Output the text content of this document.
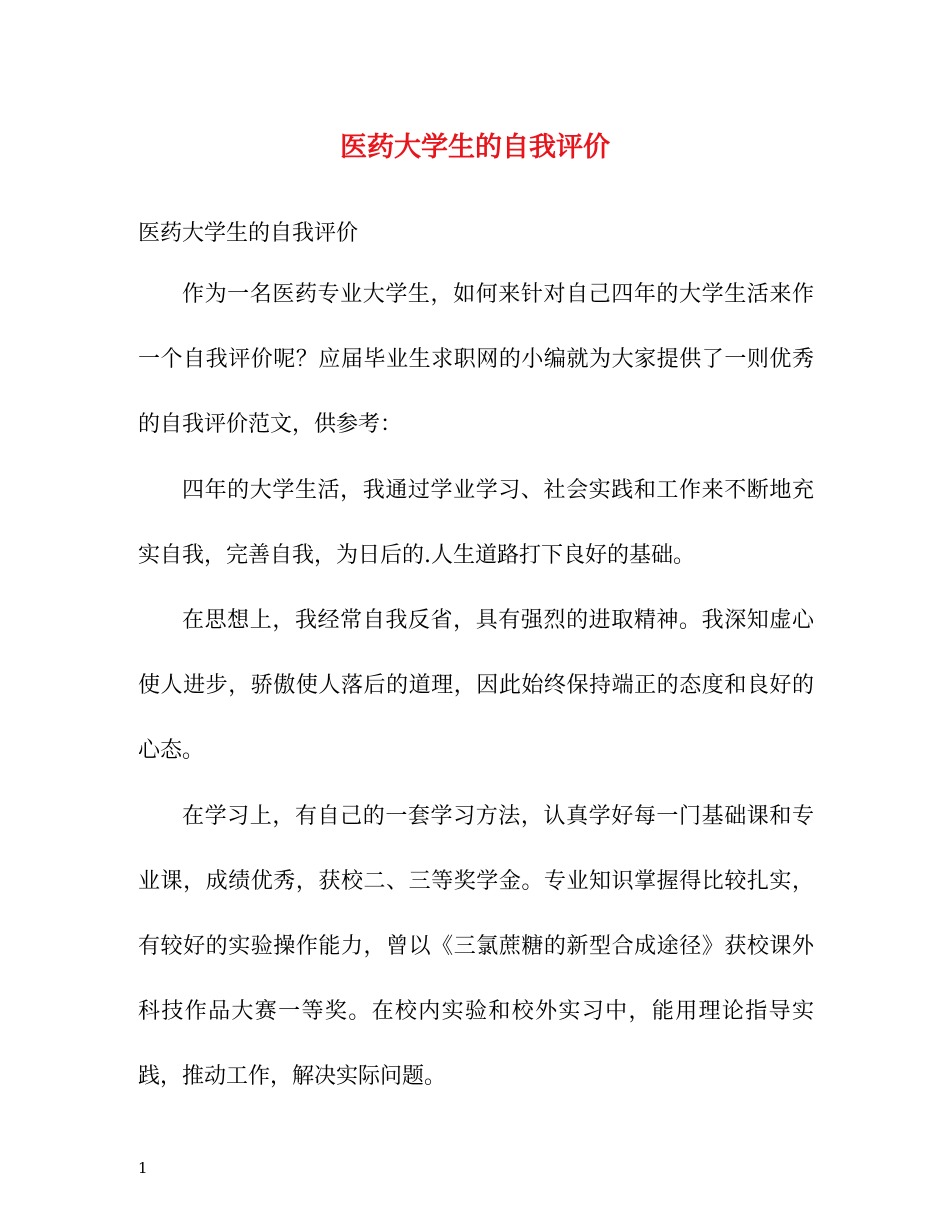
医药大学生的自我评价
医药大学生的自我评价

作为一名医药专业大学生，如何来针对自己四年的大学生活来作一个自我评价呢？应届毕业生求职网的小编就为大家提供了一则优秀的自我评价范文，供参考：

四年的大学生活，我通过学业学习、社会实践和工作来不断地充实自我，完善自我，为日后的.人生道路打下良好的基础。

在思想上，我经常自我反省，具有强烈的进取精神。我深知虚心使人进步，骄傲使人落后的道理，因此始终保持端正的态度和良好的心态。

在学习上，有自己的一套学习方法，认真学好每一门基础课和专业课，成绩优秀，获校二、三等奖学金。专业知识掌握得比较扎实，有较好的实验操作能力，曾以《三氯蔗糖的新型合成途径》获校课外科技作品大赛一等奖。在校内实验和校外实习中，能用理论指导实践，推动工作，解决实际问题。

1
